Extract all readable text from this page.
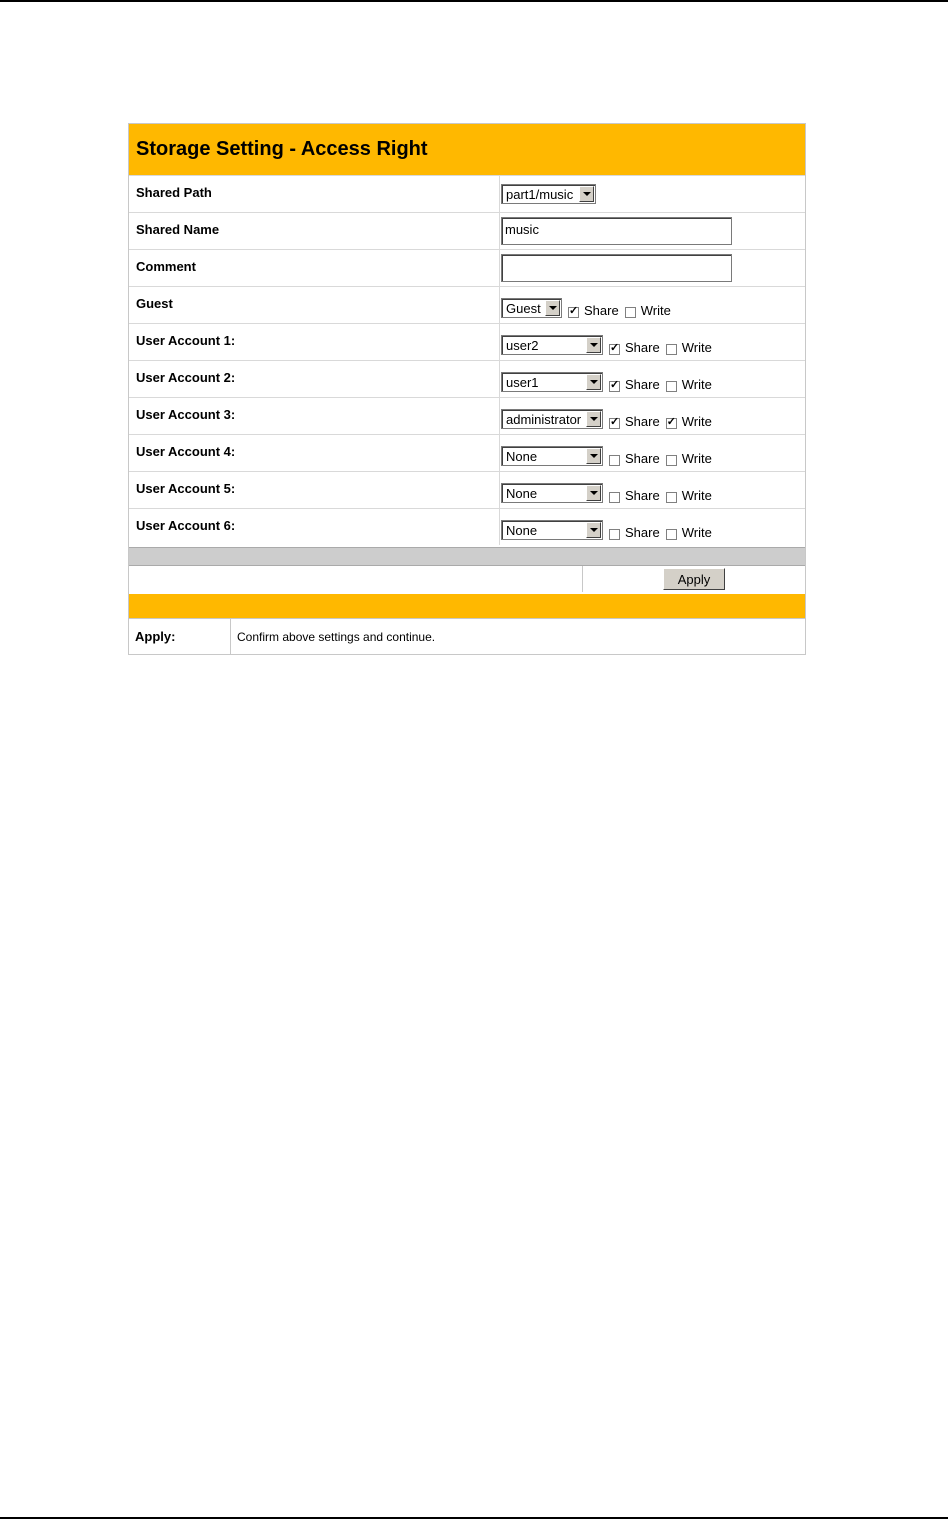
Storage Setting - Access Right
Shared Path	part1/music
Shared Name	music
Comment
Guest	Guest ✓	Share Write
User Account 1:	user2 ✓	Share Write
User Account 2:	user1 ✓	Share Write
User Account 3:	administrator ✓	Share ✓ Write
User Account 4:	None	Share Write
User Account 5:	None	Share Write
User Account 6:	None	Share Write
Apply
Apply:	Confirm above settings and continue.
